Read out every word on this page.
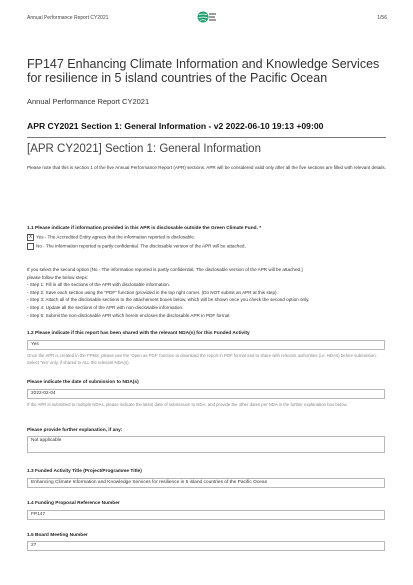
Annual Performance Report CY2021	1/56
FP147 Enhancing Climate Information and Knowledge Services for resilience in 5 island countries of the Pacific Ocean
Annual Performance Report CY2021
APR CY2021 Section 1: General Information - v2 2022-06-10 19:13 +09:00
[APR CY2021] Section 1: General Information
Please note that this is section 1 of the five Annual Performance Report (APR) sections. APR will be considered valid only after all the five sections are filled with relevant details.
1.1 Please indicate if information provided in this APR is disclosable outside the Green Climate Fund. *
X Yes - The Accredited Entity agrees that the information reported is disclosable.
No - The information reported is partly confidential. The disclosable version of the APR will be attached.
If you select the second option [No - The information reported is partly confidential. The disclosable version of the APR will be attached.]
please follow the below steps:
- Step 1: Fill in all the sections of the APR with disclosable information.
- Step 2: Save each section using the "PDF" function (provided in the top right corner. (Do NOT submit an APR at this step).
- Step 3: Attach all of the disclosable sections to the attachement boxes below, which will be shown once you check the second option only.
- Step 4: Update all the sections of the APR with non-disclosable information.
- Step 5: Submit the non-disclosable APR which herein encloses the disclosable APR in PDF format
1.2 Please indicate if this report has been shared with the relevant NDA(s) for this Funded Activity
Yes
Once the APR is created in the FPMS, please use the 'Open as PDF' function to download the report in PDF format and to share with relevant authorities (i.e. NDAs) before submission. Select 'Yes' only, if shared to ALL the relevant NDA(s).
Please indicate the date of submission to NDA(s)
2022-02-04
If the APR is submitted to multiple NDAs, please indicate the latest date of submission to NDA, and provide the other dates per NDA in the further explanation box below.
Please provide further explanation, if any:
Not applicable
1.3 Funded Activity Title (Project/Programme Title)
Enhancing Climate Information and Knowledge Services for resilience in 5 island countries of the Pacific Ocean
1.4 Funding Proposal Reference Number
FP147
1.5 Board Meeting Number
27
